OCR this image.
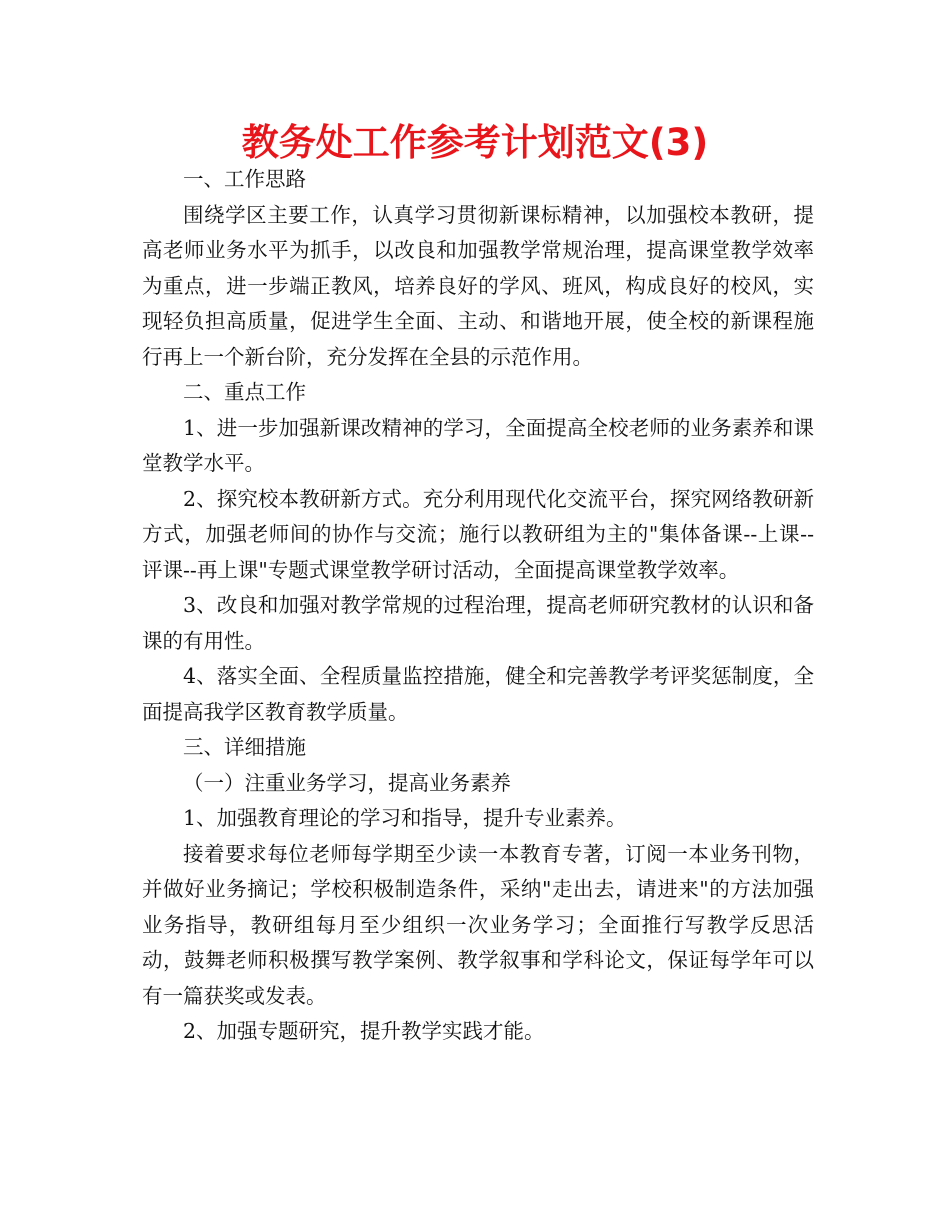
教务处工作参考计划范文(3)

一、工作思路

围绕学区主要工作，认真学习贯彻新课标精神，以加强校本教研，提高老师业务水平为抓手，以改良和加强教学常规治理，提高课堂教学效率为重点，进一步端正教风，培养良好的学风、班风，构成良好的校风，实现轻负担高质量，促进学生全面、主动、和谐地开展，使全校的新课程施行再上一个新台阶，充分发挥在全县的示范作用。

二、重点工作

1、进一步加强新课改精神的学习，全面提高全校老师的业务素养和课堂教学水平。

2、探究校本教研新方式。充分利用现代化交流平台，探究网络教研新方式，加强老师间的协作与交流；施行以教研组为主的"集体备课--上课--评课--再上课"专题式课堂教学研讨活动，全面提高课堂教学效率。

3、改良和加强对教学常规的过程治理，提高老师研究教材的认识和备课的有用性。

4、落实全面、全程质量监控措施，健全和完善教学考评奖惩制度，全面提高我学区教育教学质量。

三、详细措施

（一）注重业务学习，提高业务素养

1、加强教育理论的学习和指导，提升专业素养。

接着要求每位老师每学期至少读一本教育专著，订阅一本业务刊物，并做好业务摘记；学校积极制造条件，采纳"走出去，请进来"的方法加强业务指导，教研组每月至少组织一次业务学习；全面推行写教学反思活动，鼓舞老师积极撰写教学案例、教学叙事和学科论文，保证每学年可以有一篇获奖或发表。

2、加强专题研究，提升教学实践才能。
